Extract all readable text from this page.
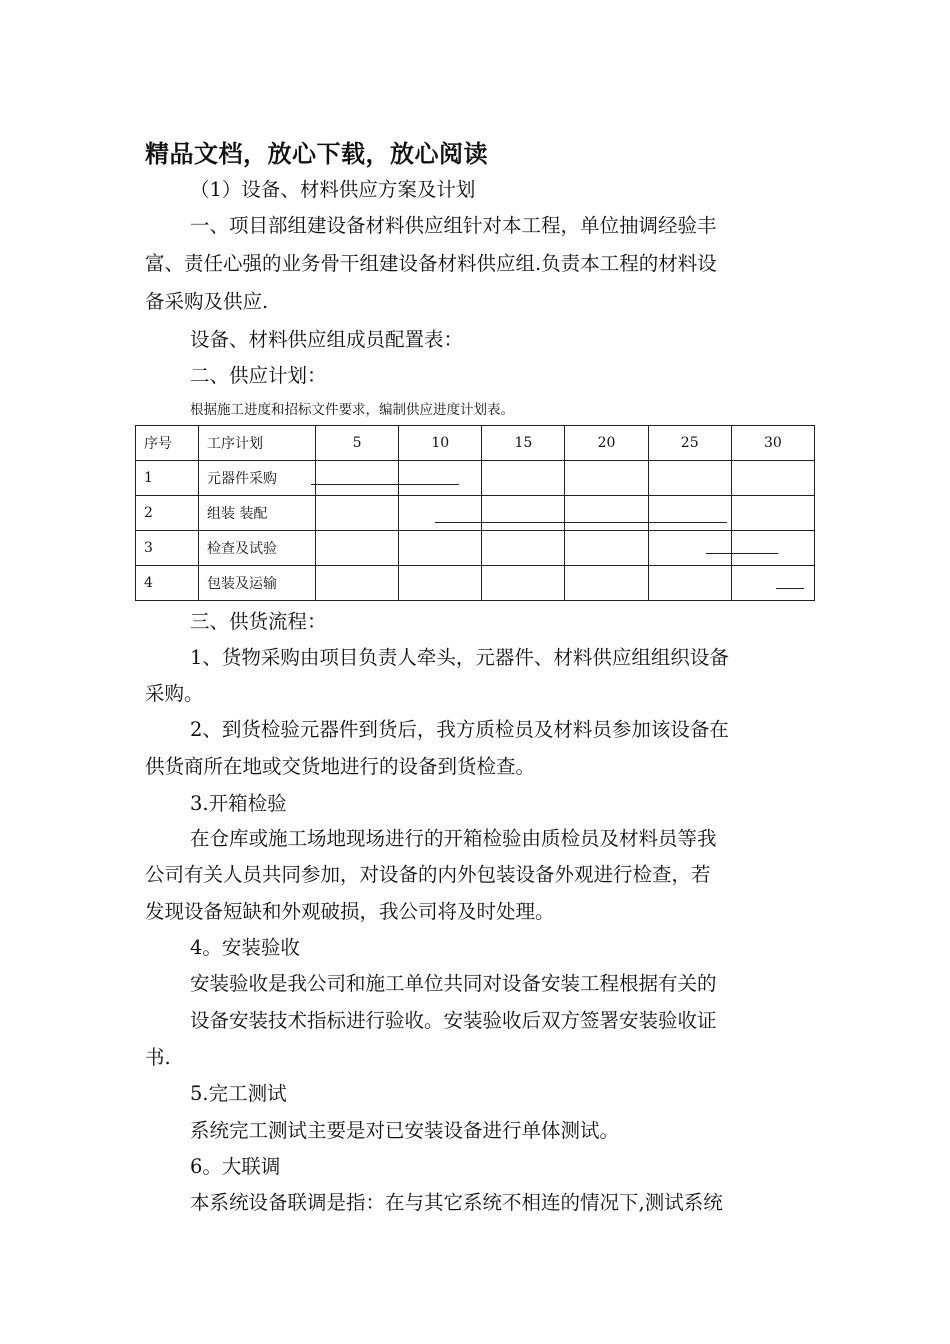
精品文档，放心下载，放心阅读
（1）设备、材料供应方案及计划
一、项目部组建设备材料供应组针对本工程，单位抽调经验丰
富、责任心强的业务骨干组建设备材料供应组.负责本工程的材料设
备采购及供应.
设备、材料供应组成员配置表：
二、供应计划：
根据施工进度和招标文件要求，编制供应进度计划表。
序号	工序计划	5	10	15	20	25	30
1	元器件采购						
2	组装 装配						
3	检查及试验						
4	包装及运输						
三、供货流程：
1、货物采购由项目负责人牵头，元器件、材料供应组组织设备
采购。
2、到货检验元器件到货后，我方质检员及材料员参加该设备在
供货商所在地或交货地进行的设备到货检查。
3.开箱检验
在仓库或施工场地现场进行的开箱检验由质检员及材料员等我
公司有关人员共同参加，对设备的内外包装设备外观进行检查，若
发现设备短缺和外观破损，我公司将及时处理。
4。安装验收
安装验收是我公司和施工单位共同对设备安装工程根据有关的
设备安装技术指标进行验收。安装验收后双方签署安装验收证
书.
5.完工测试
系统完工测试主要是对已安装设备进行单体测试。
6。大联调
本系统设备联调是指：在与其它系统不相连的情况下,测试系统
